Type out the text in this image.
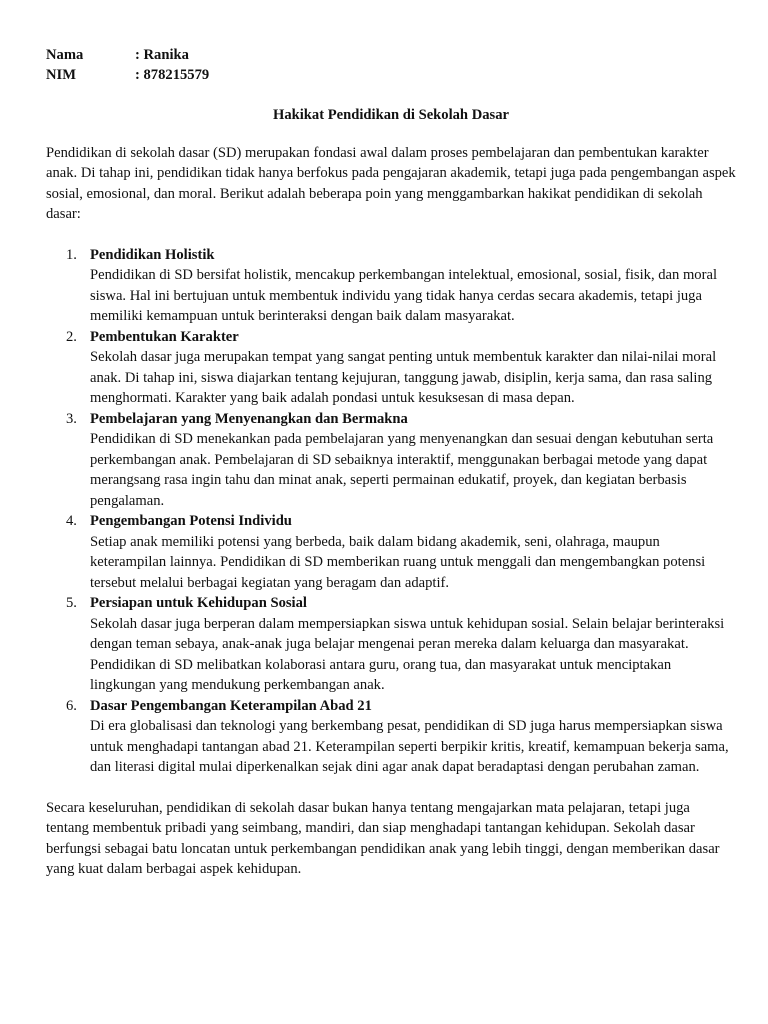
Nama	: Ranika
NIM	: 878215579
Hakikat Pendidikan di Sekolah Dasar

Pendidikan di sekolah dasar (SD) merupakan fondasi awal dalam proses pembelajaran dan pembentukan karakter anak. Di tahap ini, pendidikan tidak hanya berfokus pada pengajaran akademik, tetapi juga pada pengembangan aspek sosial, emosional, dan moral. Berikut adalah beberapa poin yang menggambarkan hakikat pendidikan di sekolah dasar:

1. Pendidikan Holistik

Pendidikan di SD bersifat holistik, mencakup perkembangan intelektual, emosional, sosial, fisik, dan moral siswa. Hal ini bertujuan untuk membentuk individu yang tidak hanya cerdas secara akademis, tetapi juga memiliki kemampuan untuk berinteraksi dengan baik dalam masyarakat.

2. Pembentukan Karakter

Sekolah dasar juga merupakan tempat yang sangat penting untuk membentuk karakter dan nilai-nilai moral anak. Di tahap ini, siswa diajarkan tentang kejujuran, tanggung jawab, disiplin, kerja sama, dan rasa saling menghormati. Karakter yang baik adalah pondasi untuk kesuksesan di masa depan.

3. Pembelajaran yang Menyenangkan dan Bermakna

Pendidikan di SD menekankan pada pembelajaran yang menyenangkan dan sesuai dengan kebutuhan serta perkembangan anak. Pembelajaran di SD sebaiknya interaktif, menggunakan berbagai metode yang dapat merangsang rasa ingin tahu dan minat anak, seperti permainan edukatif, proyek, dan kegiatan berbasis pengalaman.

4. Pengembangan Potensi Individu

Setiap anak memiliki potensi yang berbeda, baik dalam bidang akademik, seni, olahraga, maupun keterampilan lainnya. Pendidikan di SD memberikan ruang untuk menggali dan mengembangkan potensi tersebut melalui berbagai kegiatan yang beragam dan adaptif.

5. Persiapan untuk Kehidupan Sosial

Sekolah dasar juga berperan dalam mempersiapkan siswa untuk kehidupan sosial. Selain belajar berinteraksi dengan teman sebaya, anak-anak juga belajar mengenai peran mereka dalam keluarga dan masyarakat. Pendidikan di SD melibatkan kolaborasi antara guru, orang tua, dan masyarakat untuk menciptakan lingkungan yang mendukung perkembangan anak.

6. Dasar Pengembangan Keterampilan Abad 21

Di era globalisasi dan teknologi yang berkembang pesat, pendidikan di SD juga harus mempersiapkan siswa untuk menghadapi tantangan abad 21. Keterampilan seperti berpikir kritis, kreatif, kemampuan bekerja sama, dan literasi digital mulai diperkenalkan sejak dini agar anak dapat beradaptasi dengan perubahan zaman.

Secara keseluruhan, pendidikan di sekolah dasar bukan hanya tentang mengajarkan mata pelajaran, tetapi juga tentang membentuk pribadi yang seimbang, mandiri, dan siap menghadapi tantangan kehidupan. Sekolah dasar berfungsi sebagai batu loncatan untuk perkembangan pendidikan anak yang lebih tinggi, dengan memberikan dasar yang kuat dalam berbagai aspek kehidupan.
